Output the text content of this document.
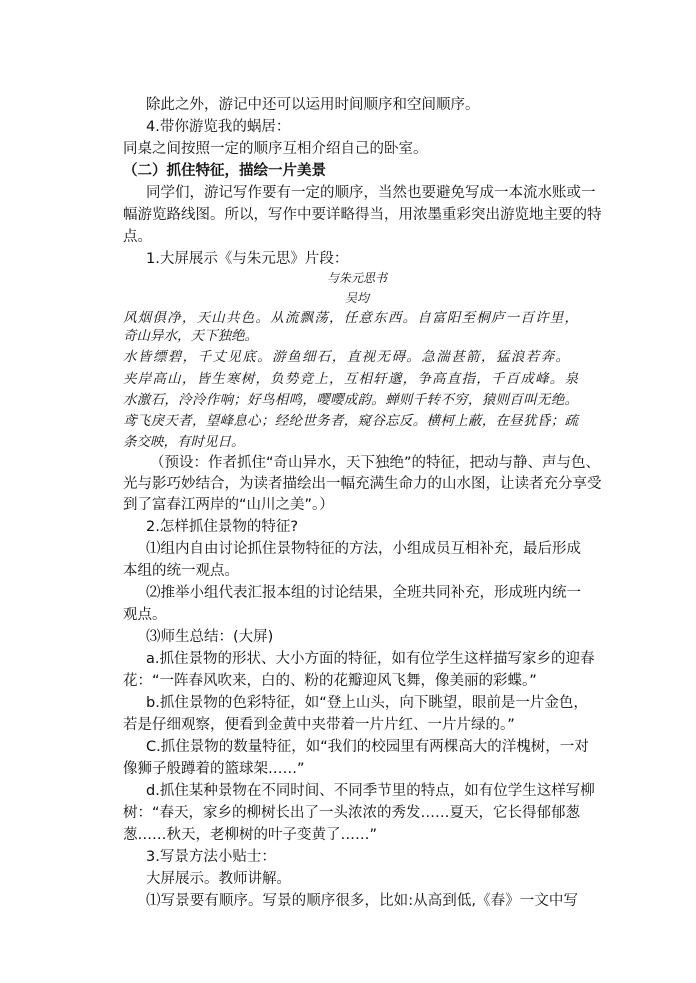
除此之外，游记中还可以运用时间顺序和空间顺序。
4.带你游览我的蜗居：
同桌之间按照一定的顺序互相介绍自己的卧室。
（二）抓住特征，描绘一片美景
同学们，游记写作要有一定的顺序，当然也要避免写成一本流水账或一
幅游览路线图。所以，写作中要详略得当，用浓墨重彩突出游览地主要的特
点。
1.大屏展示《与朱元思》片段：
与朱元思书
吴均
风烟俱净，天山共色。从流飘荡，任意东西。自富阳至桐庐一百许里，
奇山异水，天下独绝。
水皆缥碧，千丈见底。游鱼细石，直视无碍。急湍甚箭，猛浪若奔。
夹岸高山，皆生寒树，负势竞上，互相轩邈，争高直指，千百成峰。泉
水激石，泠泠作响；好鸟相鸣，嘤嘤成韵。蝉则千转不穷，猿则百叫无绝。
鸢飞戾天者，望峰息心；经纶世务者，窥谷忘反。横柯上蔽，在昼犹昏；疏
条交映，有时见日。
（预设：作者抓住“奇山异水，天下独绝”的特征，把动与静、声与色、
光与影巧妙结合，为读者描绘出一幅充满生命力的山水图，让读者充分享受
到了富春江两岸的“山川之美”。）
2.怎样抓住景物的特征?
⑴组内自由讨论抓住景物特征的方法，小组成员互相补充，最后形成
本组的统一观点。
⑵推举小组代表汇报本组的讨论结果，全班共同补充，形成班内统一
观点。
⑶师生总结：(大屏)
a.抓住景物的形状、大小方面的特征，如有位学生这样描写家乡的迎春
花：“一阵春风吹来，白的、粉的花瓣迎风飞舞，像美丽的彩蝶。”
b.抓住景物的色彩特征，如“登上山头，向下眺望，眼前是一片金色，
若是仔细观察，便看到金黄中夹带着一片片红、一片片绿的。”
C.抓住景物的数量特征，如“我们的校园里有两棵高大的洋槐树，一对
像狮子般蹲着的篮球架……”
d.抓住某种景物在不同时间、不同季节里的特点，如有位学生这样写柳
树：“春天，家乡的柳树长出了一头浓浓的秀发……夏天，它长得郁郁葱
葱……秋天，老柳树的叶子变黄了……”
3.写景方法小贴士：
大屏展示。教师讲解。
⑴写景要有顺序。写景的顺序很多，比如:从高到低,《春》一文中写
